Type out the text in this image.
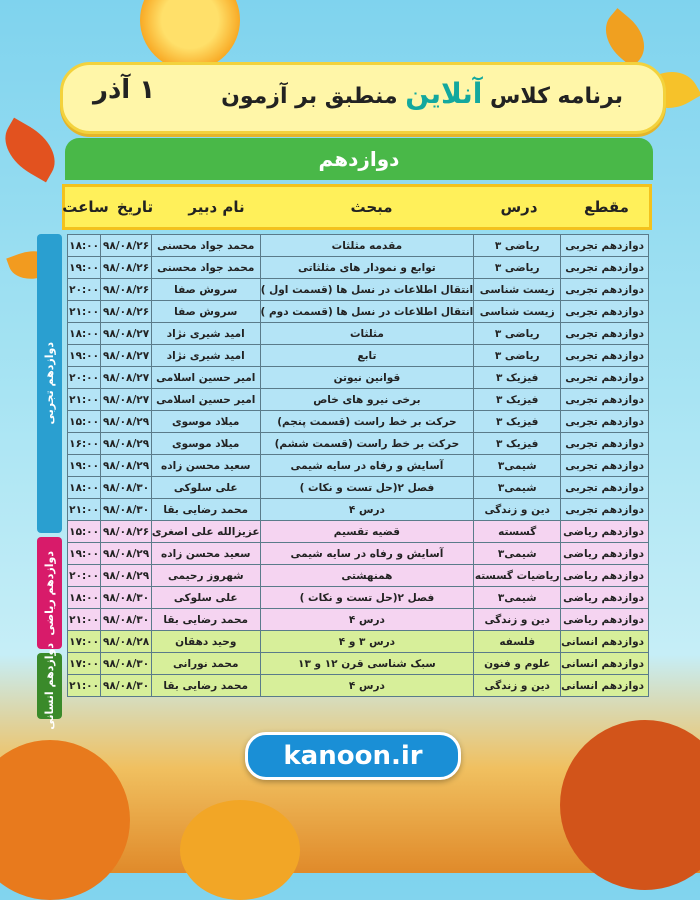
برنامه کلاس آنلاین منطبق بر آزمون
۱ آذر
دوازدهم
مقطع
درس
مبحث
نام دبیر
تاریخ
ساعت
دوازدهم تجربی	ریاضی ۳	مقدمه مثلثات	محمد جواد محسنی	۹۸/۰۸/۲۶	۱۸:۰۰
دوازدهم تجربی	ریاضی ۳	توابع و نمودار های مثلثاتی	محمد جواد محسنی	۹۸/۰۸/۲۶	۱۹:۰۰
دوازدهم تجربی	زیست شناسی	انتقال اطلاعات در نسل ها (قسمت اول )	سروش صفا	۹۸/۰۸/۲۶	۲۰:۰۰
دوازدهم تجربی	زیست شناسی	انتقال اطلاعات در نسل ها (قسمت دوم )	سروش صفا	۹۸/۰۸/۲۶	۲۱:۰۰
دوازدهم تجربی	ریاضی ۳	مثلثات	امید شیری نژاد	۹۸/۰۸/۲۷	۱۸:۰۰
دوازدهم تجربی	ریاضی ۳	تابع	امید شیری نژاد	۹۸/۰۸/۲۷	۱۹:۰۰
دوازدهم تجربی	فیزیک ۳	قوانین نیوتن	امیر حسین اسلامی	۹۸/۰۸/۲۷	۲۰:۰۰
دوازدهم تجربی	فیزیک ۳	برخی نیرو های خاص	امیر حسین اسلامی	۹۸/۰۸/۲۷	۲۱:۰۰
دوازدهم تجربی	فیزیک ۳	حرکت بر خط راست (قسمت پنجم)	میلاد موسوی	۹۸/۰۸/۲۹	۱۵:۰۰
دوازدهم تجربی	فیزیک ۳	حرکت بر خط راست (قسمت ششم)	میلاد موسوی	۹۸/۰۸/۲۹	۱۶:۰۰
دوازدهم تجربی	شیمی۳	آسایش و رفاه در سایه شیمی	سعید محسن زاده	۹۸/۰۸/۲۹	۱۹:۰۰
دوازدهم تجربی	شیمی۳	فصل ۲(حل تست و نکات )	علی سلوکی	۹۸/۰۸/۳۰	۱۸:۰۰
دوازدهم تجربی	دین و زندگی	درس ۴	محمد رضایی بقا	۹۸/۰۸/۳۰	۲۱:۰۰
دوازدهم ریاضی	گسسته	قضیه تقسیم	عزیزالله علی اصغری	۹۸/۰۸/۲۶	۱۵:۰۰
دوازدهم ریاضی	شیمی۳	آسایش و رفاه در سایه شیمی	سعید محسن زاده	۹۸/۰۸/۲۹	۱۹:۰۰
دوازدهم ریاضی	ریاضیات گسسته	همنهشتی	شهروز رحیمی	۹۸/۰۸/۲۹	۲۰:۰۰
دوازدهم ریاضی	شیمی۳	فصل ۲(حل تست و نکات )	علی سلوکی	۹۸/۰۸/۳۰	۱۸:۰۰
دوازدهم ریاضی	دین و زندگی	درس ۴	محمد رضایی بقا	۹۸/۰۸/۳۰	۲۱:۰۰
دوازدهم انسانی	فلسفه	درس ۳ و ۴	وحید دهقان	۹۸/۰۸/۲۸	۱۷:۰۰
دوازدهم انسانی	علوم و فنون	سبک شناسی قرن ۱۲ و ۱۳	محمد نورانی	۹۸/۰۸/۳۰	۱۷:۰۰
دوازدهم انسانی	دین و زندگی	درس ۴	محمد رضایی بقا	۹۸/۰۸/۳۰	۲۱:۰۰
دوازدهم تجربی
دوازدهم ریاضی
دوازدهم انسانی
kanoon.ir
